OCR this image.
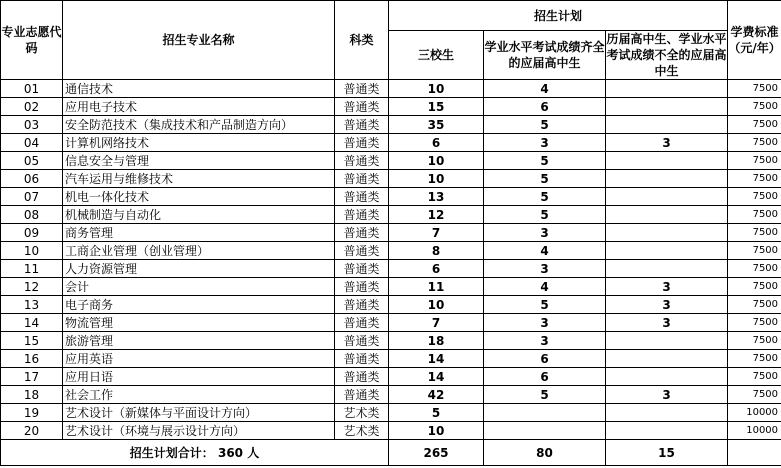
专业志愿代码	招生专业名称	科类	招生计划			学费标准（元/年）
			三校生	学业水平考试成绩齐全的应届高中生	历届高中生、学业水平考试成绩不全的应届高中生	
01	通信技术	普通类	10	4		7500
02	应用电子技术	普通类	15	6		7500
03	安全防范技术（集成技术和产品制造方向）	普通类	35	5		7500
04	计算机网络技术	普通类	6	3	3	7500
05	信息安全与管理	普通类	10	5		7500
06	汽车运用与维修技术	普通类	10	5		7500
07	机电一体化技术	普通类	13	5		7500
08	机械制造与自动化	普通类	12	5		7500
09	商务管理	普通类	7	3		7500
10	工商企业管理（创业管理）	普通类	8	4		7500
11	人力资源管理	普通类	6	3		7500
12	会计	普通类	11	4	3	7500
13	电子商务	普通类	10	5	3	7500
14	物流管理	普通类	7	3	3	7500
15	旅游管理	普通类	18	3		7500
16	应用英语	普通类	14	6		7500
17	应用日语	普通类	14	6		7500
18	社会工作	普通类	42	5	3	7500
19	艺术设计（新媒体与平面设计方向）	艺术类	5			10000
20	艺术设计（环境与展示设计方向）	艺术类	10			10000
招生计划合计： 360 人			265	80	15	
